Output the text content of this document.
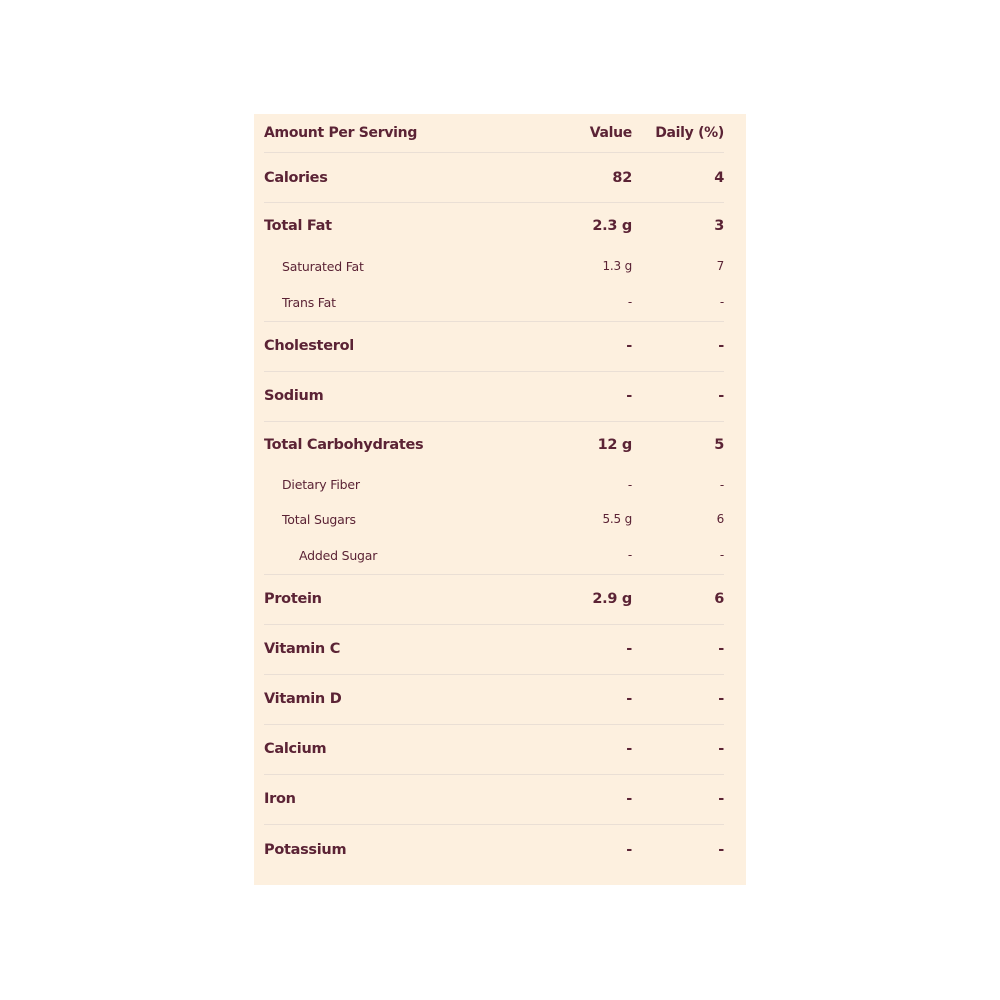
Amount Per Serving	Value	Daily (%)
Calories	82	4
Total Fat	2.3 g	3
Saturated Fat	1.3 g	7
Trans Fat	-	-
Cholesterol	-	-
Sodium	-	-
Total Carbohydrates	12 g	5
Dietary Fiber	-	-
Total Sugars	5.5 g	6
Added Sugar	-	-
Protein	2.9 g	6
Vitamin C	-	-
Vitamin D	-	-
Calcium	-	-
Iron	-	-
Potassium	-	-
